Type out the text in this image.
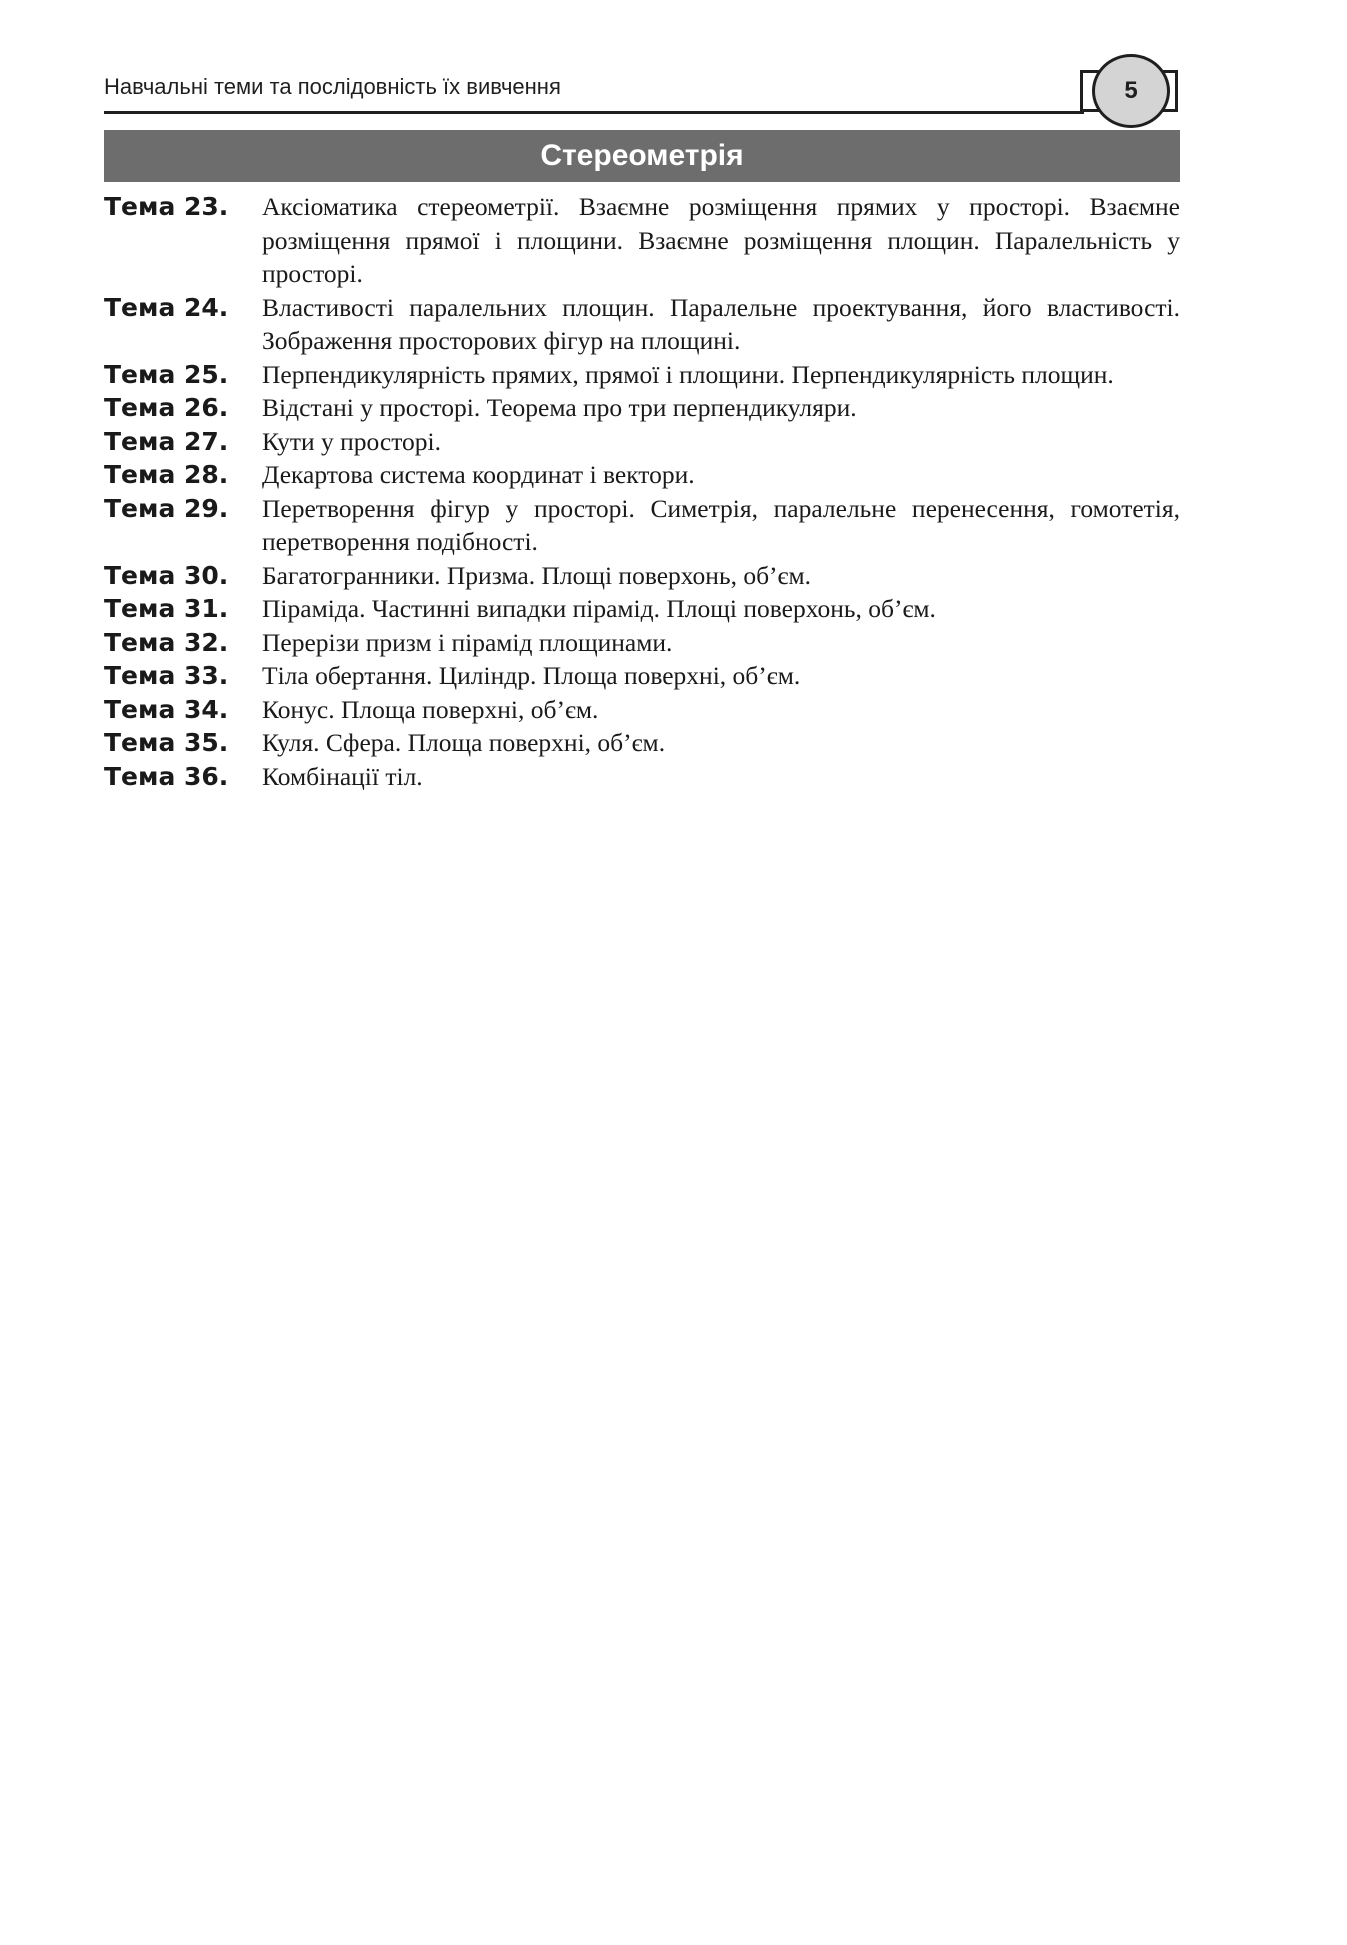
Навчальні теми та послідовність їх вивчення	5
Стереометрія
Тема 23.	Аксіоматика стереометрії. Взаємне розміщення прямих у просторі. Взаємне розміщення прямої і площини. Взаємне розміщення площин. Паралельність у просторі.
Тема 24.	Властивості паралельних площин. Паралельне проектування, його властивості. Зображення просторових фігур на площині.
Тема 25.	Перпендикулярність прямих, прямої і площини. Перпендикулярність площин.
Тема 26.	Відстані у просторі. Теорема про три перпендикуляри.
Тема 27.	Кути у просторі.
Тема 28.	Декартова система координат і вектори.
Тема 29.	Перетворення фігур у просторі. Симетрія, паралельне перенесення, гомотетія, перетворення подібності.
Тема 30.	Багатогранники. Призма. Площі поверхонь, об’єм.
Тема 31.	Піраміда. Частинні випадки пірамід. Площі поверхонь, об’єм.
Тема 32.	Перерізи призм і пірамід площинами.
Тема 33.	Тіла обертання. Циліндр. Площа поверхні, об’єм.
Тема 34.	Конус. Площа поверхні, об’єм.
Тема 35.	Куля. Сфера. Площа поверхні, об’єм.
Тема 36.	Комбінації тіл.
